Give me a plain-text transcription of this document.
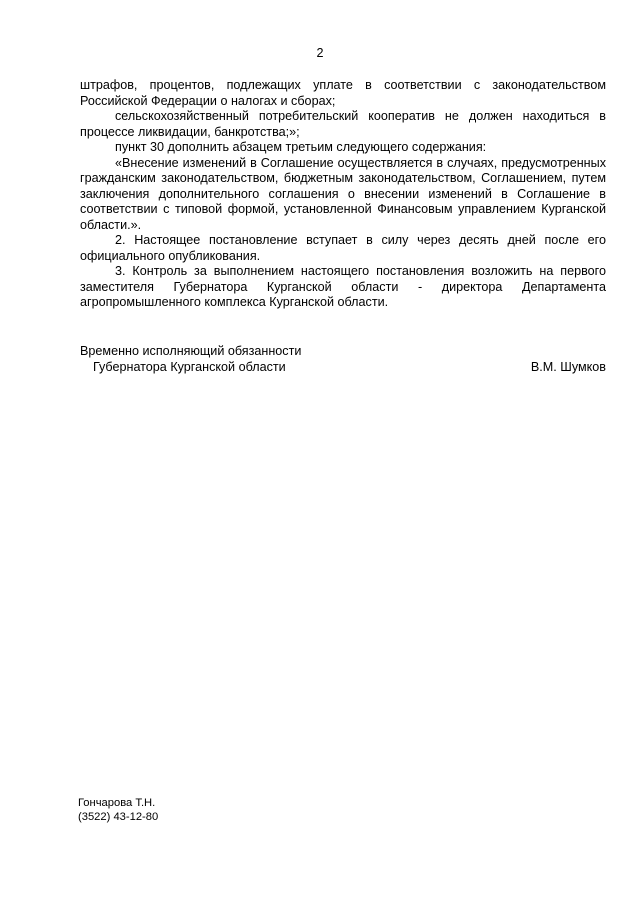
2

штрафов, процентов, подлежащих уплате в соответствии с законодательством Российской Федерации о налогах и сборах;

сельскохозяйственный потребительский кооператив не должен находиться в процессе ликвидации, банкротства;»;

пункт 30 дополнить абзацем третьим следующего содержания:

«Внесение изменений в Соглашение осуществляется в случаях, предусмотренных гражданским законодательством, бюджетным законодательством, Соглашением, путем заключения дополнительного соглашения о внесении изменений в Соглашение в соответствии с типовой формой, установленной Финансовым управлением Курганской области.».

2. Настоящее постановление вступает в силу через десять дней после его официального опубликования.

3. Контроль за выполнением настоящего постановления возложить на первого заместителя Губернатора Курганской области - директора Департамента агропромышленного комплекса Курганской области.

Временно исполняющий обязанности
Губернатора Курганской области	В.М. Шумков
Гончарова Т.Н.
(3522) 43-12-80
